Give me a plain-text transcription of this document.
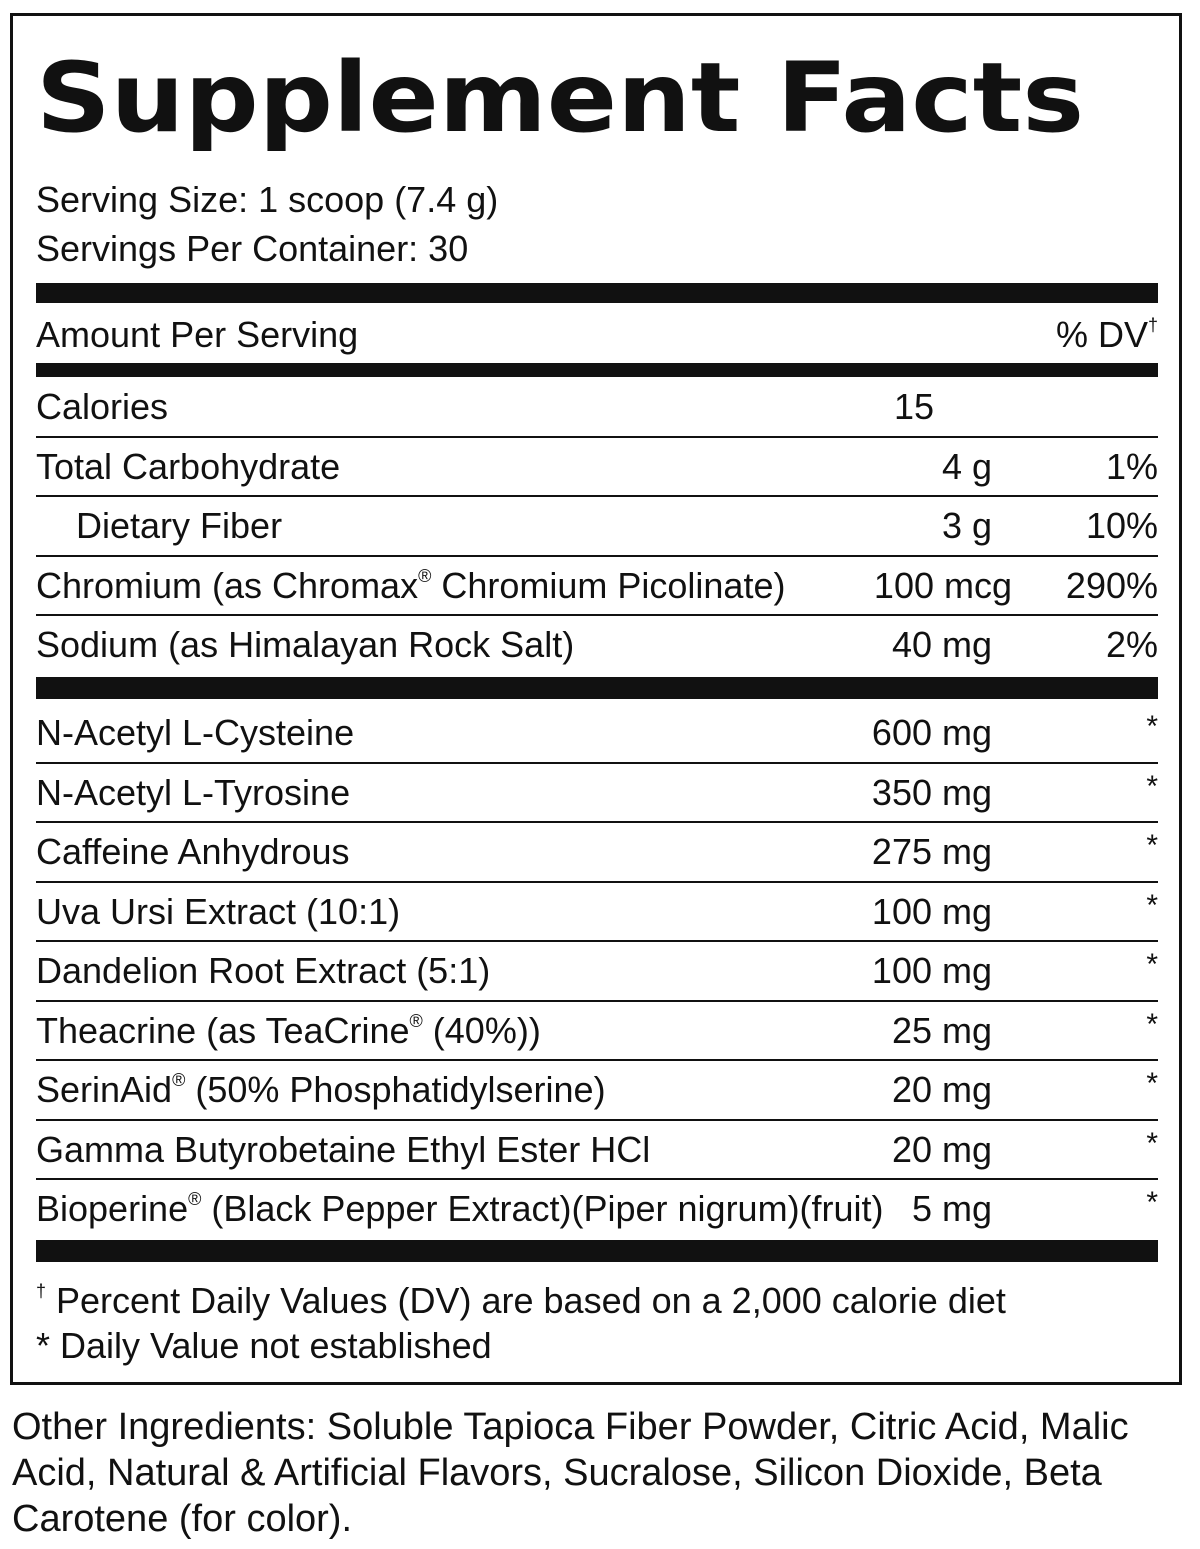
Supplement Facts
Serving Size: 1 scoop (7.4 g)
Servings Per Container: 30
Amount Per Serving	% DV†
Calories	15
Total Carbohydrate	4 g	1%
Dietary Fiber	3 g	10%
Chromium (as Chromax® Chromium Picolinate) 100 mcg 290%
Sodium (as Himalayan Rock Salt)	40 mg	2%
N-Acetyl L-Cysteine	600 mg	*
N-Acetyl L-Tyrosine	350 mg	*
Caffeine Anhydrous	275 mg	*
Uva Ursi Extract (10:1)	100 mg	*
Dandelion Root Extract (5:1)	100 mg	*
Theacrine (as TeaCrine® (40%))	25 mg	*
SerinAid® (50% Phosphatidylserine)	20 mg	*
Gamma Butyrobetaine Ethyl Ester HCl	20 mg	*
Bioperine® (Black Pepper Extract)(Piper nigrum)(fruit) 5 mg	*
† Percent Daily Values (DV) are based on a 2,000 calorie diet
* Daily Value not established
Other Ingredients: Soluble Tapioca Fiber Powder, Citric Acid, Malic Acid, Natural & Artificial Flavors, Sucralose, Silicon Dioxide, Beta Carotene (for color).
